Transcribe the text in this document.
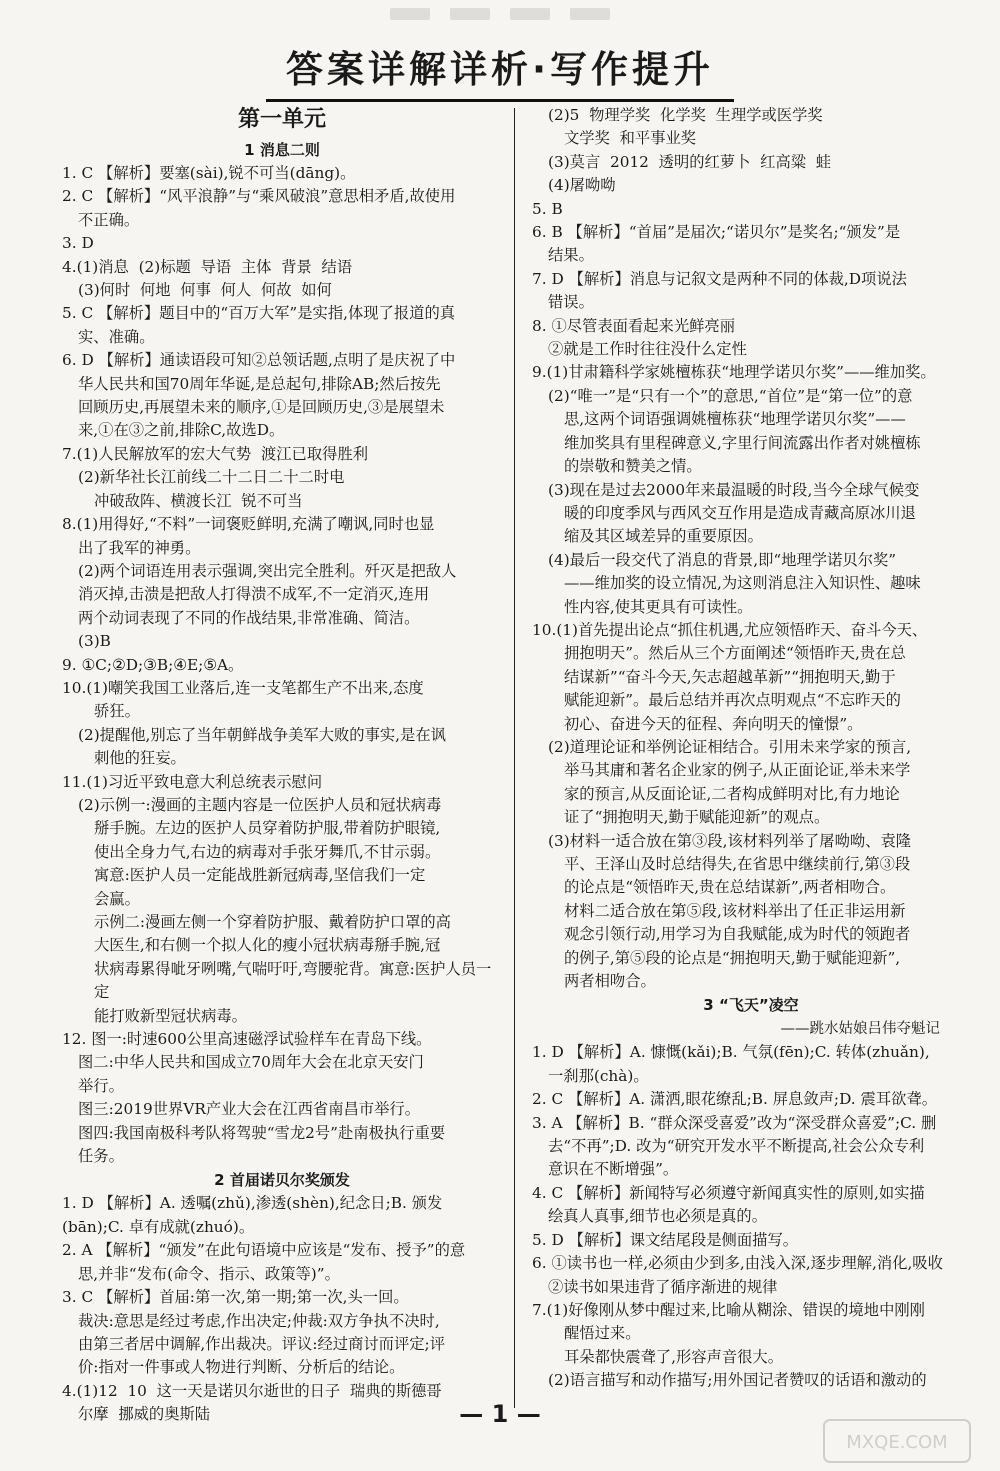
答案详解详析·写作提升
第一单元
1 消息二则
1. C 【解析】要塞(sài),锐不可当(dāng)。
2. C 【解析】“风平浪静”与“乘风破浪”意思相矛盾,故使用
不正确。
3. D
4.(1)消息  (2)标题  导语  主体  背景  结语
(3)何时  何地  何事  何人  何故  如何
5. C 【解析】题目中的“百万大军”是实指,体现了报道的真
实、准确。
6. D 【解析】通读语段可知②总领话题,点明了是庆祝了中
华人民共和国70周年华诞,是总起句,排除AB;然后按先
回顾历史,再展望未来的顺序,①是回顾历史,③是展望未
来,①在③之前,排除C,故选D。
7.(1)人民解放军的宏大气势  渡江已取得胜利
(2)新华社长江前线二十二日二十二时电
冲破敌阵、横渡长江  锐不可当
8.(1)用得好,“不料”一词褒贬鲜明,充满了嘲讽,同时也显
出了我军的神勇。
(2)两个词语连用表示强调,突出完全胜利。歼灭是把敌人
消灭掉,击溃是把敌人打得溃不成军,不一定消灭,连用
两个动词表现了不同的作战结果,非常准确、简洁。
(3)B
9. ①C;②D;③B;④E;⑤A。
10.(1)嘲笑我国工业落后,连一支笔都生产不出来,态度
骄狂。
(2)提醒他,别忘了当年朝鲜战争美军大败的事实,是在讽
刺他的狂妄。
11.(1)习近平致电意大利总统表示慰问
(2)示例一:漫画的主题内容是一位医护人员和冠状病毒
掰手腕。左边的医护人员穿着防护服,带着防护眼镜,
使出全身力气,右边的病毒对手张牙舞爪,不甘示弱。
寓意:医护人员一定能战胜新冠病毒,坚信我们一定
会赢。
示例二:漫画左侧一个穿着防护服、戴着防护口罩的高
大医生,和右侧一个拟人化的瘦小冠状病毒掰手腕,冠
状病毒累得呲牙咧嘴,气喘吁吁,弯腰驼背。寓意:医护人员一定
能打败新型冠状病毒。
12. 图一:时速600公里高速磁浮试验样车在青岛下线。
图二:中华人民共和国成立70周年大会在北京天安门
举行。
图三:2019世界VR产业大会在江西省南昌市举行。
图四:我国南极科考队将驾驶“雪龙2号”赴南极执行重要
任务。
2 首届诺贝尔奖颁发
1. D 【解析】A. 透嘱(zhǔ),渗透(shèn),纪念日;B. 颁发
(bān);C. 卓有成就(zhuó)。
2. A 【解析】“颁发”在此句语境中应该是“发布、授予”的意
思,并非“发布(命令、指示、政策等)”。
3. C 【解析】首届:第一次,第一期;第一次,头一回。
裁决:意思是经过考虑,作出决定;仲裁:双方争执不决时,
由第三者居中调解,作出裁决。评议:经过商讨而评定;评
价:指对一件事或人物进行判断、分析后的结论。
4.(1)12  10  这一天是诺贝尔逝世的日子  瑞典的斯德哥
尔摩  挪威的奥斯陆
(2)5  物理学奖  化学奖  生理学或医学奖
文学奖  和平事业奖
(3)莫言  2012  透明的红萝卜  红高粱  蛙
(4)屠呦呦
5. B
6. B 【解析】“首届”是届次;“诺贝尔”是奖名;“颁发”是
结果。
7. D 【解析】消息与记叙文是两种不同的体裁,D项说法
错误。
8. ①尽管表面看起来光鲜亮丽
②就是工作时往往没什么定性
9.(1)甘肃籍科学家姚檀栋获“地理学诺贝尔奖”——维加奖。
(2)“唯一”是“只有一个”的意思,“首位”是“第一位”的意
思,这两个词语强调姚檀栋获“地理学诺贝尔奖”——
维加奖具有里程碑意义,字里行间流露出作者对姚檀栋
的崇敬和赞美之情。
(3)现在是过去2000年来最温暖的时段,当今全球气候变
暖的印度季风与西风交互作用是造成青藏高原冰川退
缩及其区域差异的重要原因。
(4)最后一段交代了消息的背景,即“地理学诺贝尔奖”
——维加奖的设立情况,为这则消息注入知识性、趣味
性内容,使其更具有可读性。
10.(1)首先提出论点“抓住机遇,尤应领悟昨天、奋斗今天、
拥抱明天”。然后从三个方面阐述“领悟昨天,贵在总
结谋新”“奋斗今天,矢志超越革新”“拥抱明天,勤于
赋能迎新”。最后总结并再次点明观点“不忘昨天的
初心、奋进今天的征程、奔向明天的憧憬”。
(2)道理论证和举例论证相结合。引用未来学家的预言,
举马其庸和著名企业家的例子,从正面论证,举未来学
家的预言,从反面论证,二者构成鲜明对比,有力地论
证了“拥抱明天,勤于赋能迎新”的观点。
(3)材料一适合放在第③段,该材料列举了屠呦呦、袁隆
平、王泽山及时总结得失,在省思中继续前行,第③段
的论点是“领悟昨天,贵在总结谋新”,两者相吻合。
材料二适合放在第⑤段,该材料举出了任正非运用新
观念引领行动,用学习为自我赋能,成为时代的领跑者
的例子,第⑤段的论点是“拥抱明天,勤于赋能迎新”,
两者相吻合。
3 “飞天”凌空
——跳水姑娘吕伟夺魁记
1. D 【解析】A. 慷慨(kǎi);B. 气氛(fēn);C. 转体(zhuǎn),
一刹那(chà)。
2. C 【解析】A. 潇洒,眼花缭乱;B. 屏息敛声;D. 震耳欲聋。
3. A 【解析】B. “群众深受喜爱”改为“深受群众喜爱”;C. 删
去“不再”;D. 改为“研究开发水平不断提高,社会公众专利
意识在不断增强”。
4. C 【解析】新闻特写必须遵守新闻真实性的原则,如实描
绘真人真事,细节也必须是真的。
5. D 【解析】课文结尾段是侧面描写。
6. ①读书也一样,必须由少到多,由浅入深,逐步理解,消化,吸收
②读书如果违背了循序渐进的规律
7.(1)好像刚从梦中醒过来,比喻从糊涂、错误的境地中刚刚
醒悟过来。
耳朵都快震聋了,形容声音很大。
(2)语言描写和动作描写;用外国记者赞叹的话语和激动的
— 1 —
MXQE.COM
